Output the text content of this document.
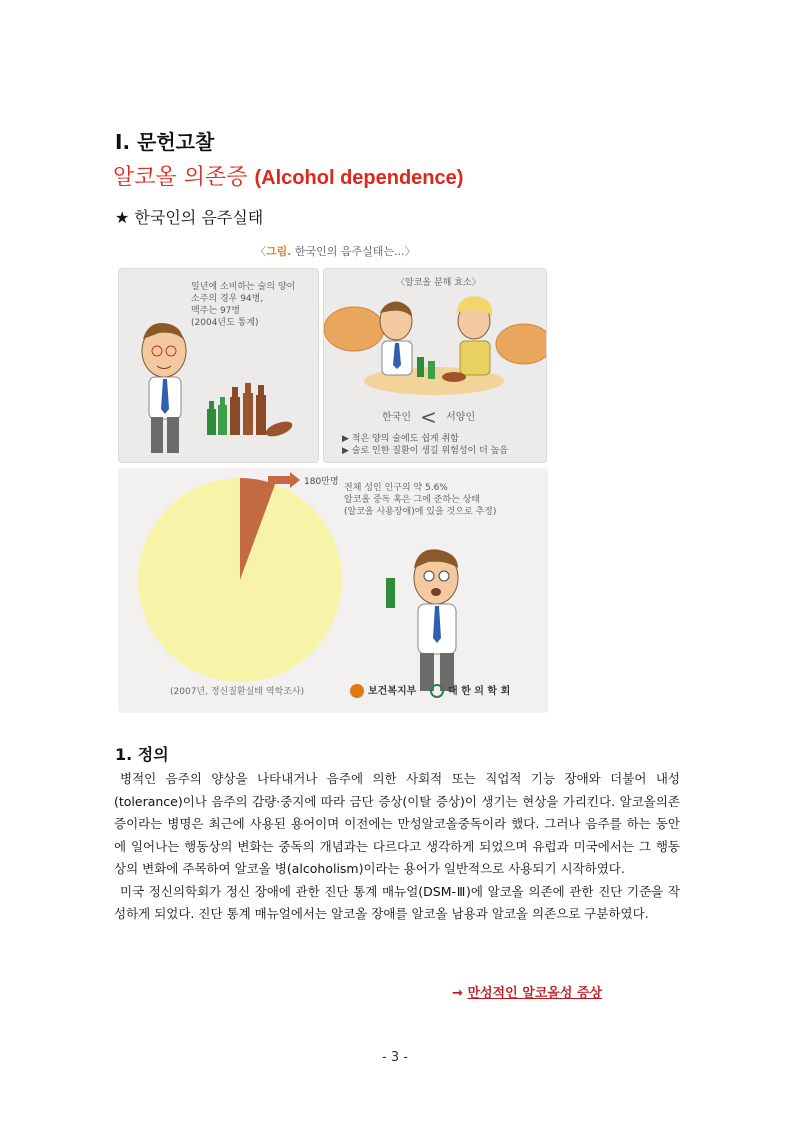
Ⅰ. 문헌고찰
알코올 의존증 (Alcohol dependence)
★ 한국인의 음주실태
〈그림. 한국인의 음주실태는...〉
일년에 소비하는 술의 양이
소주의 경우 94병,
맥주는 97병
(2004년도 통계)
〈알코올 분해 효소〉
한국인 < 서양인
▶ 적은 양의 술에도 쉽게 취함
▶ 술로 인한 질환이 생길 위험성이 더 높음
180만명
전체 성인 인구의 약 5.6%
알코올 중독 혹은 그에 준하는 상태
(알코올 사용장애)에 있을 것으로 추정)
(2007년, 정신질환실태 역학조사)	보건복지부	대 한 의 학 회
1. 정의

병적인 음주의 양상을 나타내거나 음주에 의한 사회적 또는 직업적 기능 장애와 더불어 내성(tolerance)이나 음주의 감량·중지에 따라 금단 증상(이탈 증상)이 생기는 현상을 가리킨다. 알코올의존증이라는 병명은 최근에 사용된 용어이며 이전에는 만성알코올중독이라 했다. 그러나 음주를 하는 동안에 일어나는 행동상의 변화는 중독의 개념과는 다르다고 생각하게 되었으며 유럽과 미국에서는 그 행동상의 변화에 주목하여 알코올 병(alcoholism)이라는 용어가 일반적으로 사용되기 시작하였다.

미국 정신의학회가 정신 장애에 관한 진단 통계 매뉴얼(DSM-Ⅲ)에 알코올 의존에 관한 진단 기준을 작성하게 되었다. 진단 통계 매뉴얼에서는 알코올 장애를 알코올 남용과 알코올 의존으로 구분하였다.

→ 만성적인 알코올성 증상
- 3 -
